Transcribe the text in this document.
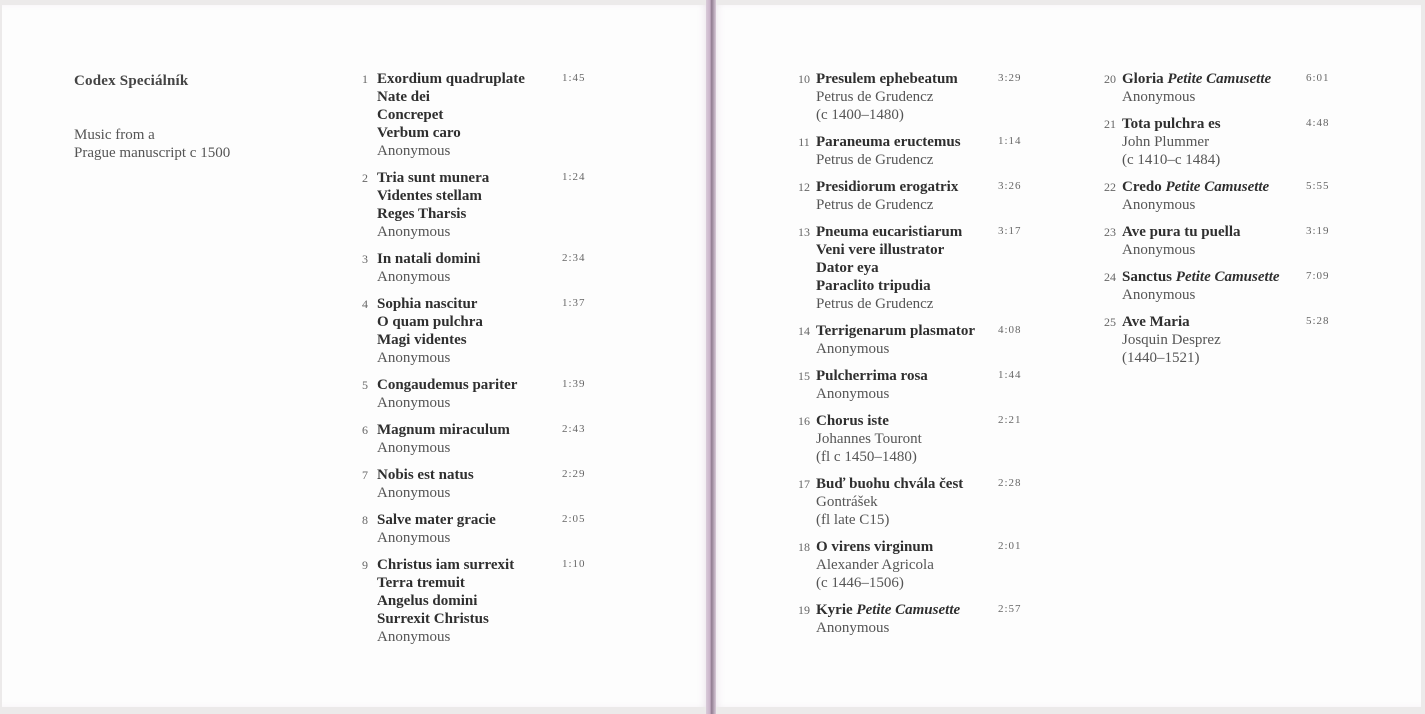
Codex Speciálník
Music from a
Prague manuscript c 1500
1	1:45
Exordium quadruplate
Nate dei
Concrepet
Verbum caro
Anonymous
2	1:24
Tria sunt munera
Videntes stellam
Reges Tharsis
Anonymous
3	2:34
In natali domini
Anonymous
4	1:37
Sophia nascitur
O quam pulchra
Magi videntes
Anonymous
5	1:39
Congaudemus pariter
Anonymous
6	2:43
Magnum miraculum
Anonymous
7	2:29
Nobis est natus
Anonymous
8	2:05
Salve mater gracie
Anonymous
9	1:10
Christus iam surrexit
Terra tremuit
Angelus domini
Surrexit Christus
Anonymous
10	3:29
Presulem ephebeatum
Petrus de Grudencz
(c 1400–1480)
11	1:14
Paraneuma eructemus
Petrus de Grudencz
12	3:26
Presidiorum erogatrix
Petrus de Grudencz
13	3:17
Pneuma eucaristiarum
Veni vere illustrator
Dator eya
Paraclito tripudia
Petrus de Grudencz
14	4:08
Terrigenarum plasmator
Anonymous
15	1:44
Pulcherrima rosa
Anonymous
16	2:21
Chorus iste
Johannes Touront
(fl c 1450–1480)
17	2:28
Buď buohu chvála čest
Gontrášek
(fl late C15)
18	2:01
O virens virginum
Alexander Agricola
(c 1446–1506)
19	2:57
Kyrie Petite Camusette
Anonymous
20	6:01
Gloria Petite Camusette
Anonymous
21	4:48
Tota pulchra es
John Plummer
(c 1410–c 1484)
22	5:55
Credo Petite Camusette
Anonymous
23	3:19
Ave pura tu puella
Anonymous
24	7:09
Sanctus Petite Camusette
Anonymous
25	5:28
Ave Maria
Josquin Desprez
(1440–1521)
